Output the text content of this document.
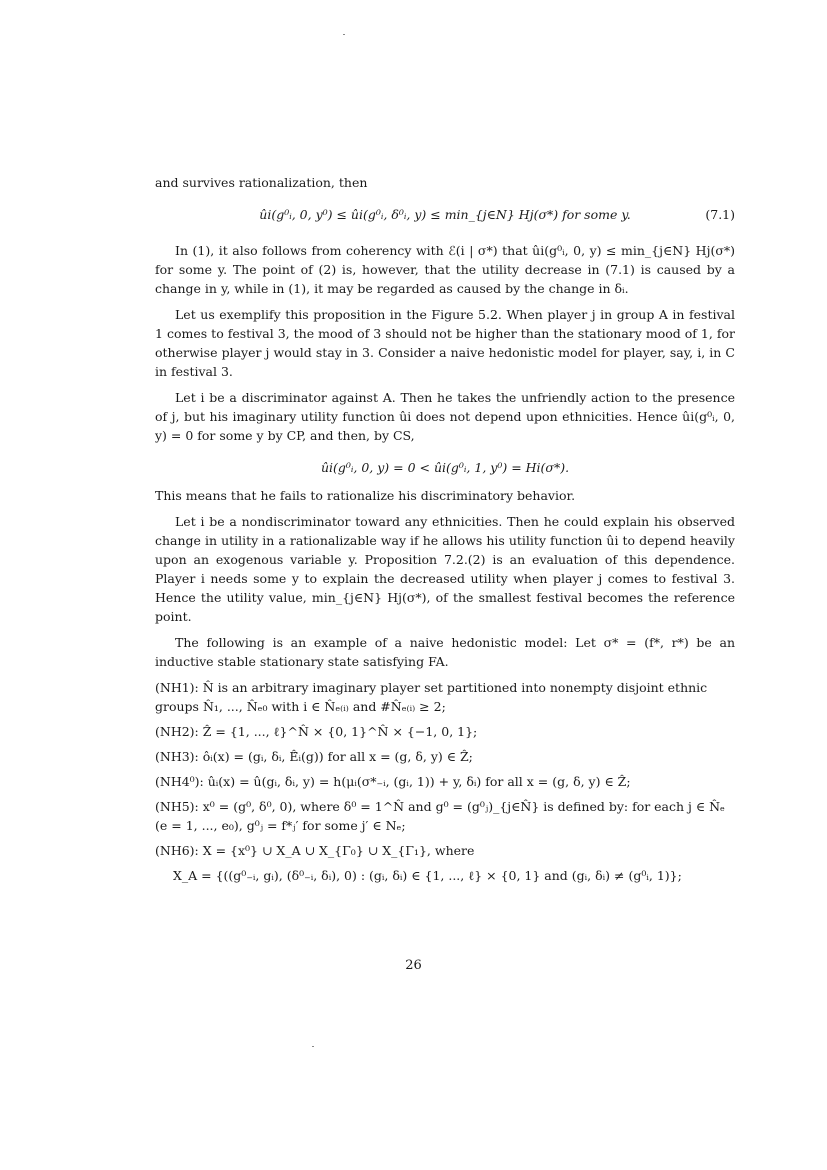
and survives rationalization, then

ûi(g⁰ᵢ, 0, y⁰) ≤ ûi(g⁰ᵢ, δ⁰ᵢ, y) ≤ min_{j∈N} Hj(σ*) for some y.	(7.1)

In (1), it also follows from coherency with ℰ(i | σ*) that ûi(g⁰ᵢ, 0, y) ≤ min_{j∈N} Hj(σ*) for some y. The point of (2) is, however, that the utility decrease in (7.1) is caused by a change in y, while in (1), it may be regarded as caused by the change in δᵢ.

Let us exemplify this proposition in the Figure 5.2. When player j in group A in festival 1 comes to festival 3, the mood of 3 should not be higher than the stationary mood of 1, for otherwise player j would stay in 3. Consider a naive hedonistic model for player, say, i, in C in festival 3.

Let i be a discriminator against A. Then he takes the unfriendly action to the presence of j, but his imaginary utility function ûi does not depend upon ethnicities. Hence ûi(g⁰ᵢ, 0, y) = 0 for some y by CP, and then, by CS,

ûi(g⁰ᵢ, 0, y) = 0 < ûi(g⁰ᵢ, 1, y⁰) = Hi(σ*).

This means that he fails to rationalize his discriminatory behavior.

Let i be a nondiscriminator toward any ethnicities. Then he could explain his observed change in utility in a rationalizable way if he allows his utility function ûi to depend heavily upon an exogenous variable y. Proposition 7.2.(2) is an evaluation of this dependence. Player i needs some y to explain the decreased utility when player j comes to festival 3. Hence the utility value, min_{j∈N} Hj(σ*), of the smallest festival becomes the reference point.

The following is an example of a naive hedonistic model: Let σ* = (f*, r*) be an inductive stable stationary state satisfying FA.

(NH1): N̂ is an arbitrary imaginary player set partitioned into nonempty disjoint ethnic groups N̂₁, ..., N̂ₑ₀ with i ∈ N̂ₑ₍ᵢ₎ and #N̂ₑ₍ᵢ₎ ≥ 2;

(NH2): Ẑ = {1, ..., ℓ}^N̂ × {0, 1}^N̂ × {−1, 0, 1};

(NH3): ôᵢ(x) = (gᵢ, δᵢ, Ê̂ᵢ(g)) for all x = (g, δ, y) ∈ Ẑ;

(NH4⁰): ûᵢ(x) = û(gᵢ, δᵢ, y) = h(μᵢ(σ*₋ᵢ, (gᵢ, 1)) + y, δᵢ) for all x = (g, δ, y) ∈ Ẑ;

(NH5): x⁰ = (g⁰, δ⁰, 0), where δ⁰ = 1^N̂ and g⁰ = (g⁰ⱼ)_{j∈N̂} is defined by: for each j ∈ N̂ₑ (e = 1, ..., e₀), g⁰ⱼ = f*ⱼ′ for some j′ ∈ Nₑ;

(NH6): X = {x⁰} ∪ X_A ∪ X_{Γ₀} ∪ X_{Γ₁}, where

X_A = {((g⁰₋ᵢ, gᵢ), (δ⁰₋ᵢ, δᵢ), 0) : (gᵢ, δᵢ) ∈ {1, ..., ℓ} × {0, 1} and (gᵢ, δᵢ) ≠ (g⁰ᵢ, 1)};

26
